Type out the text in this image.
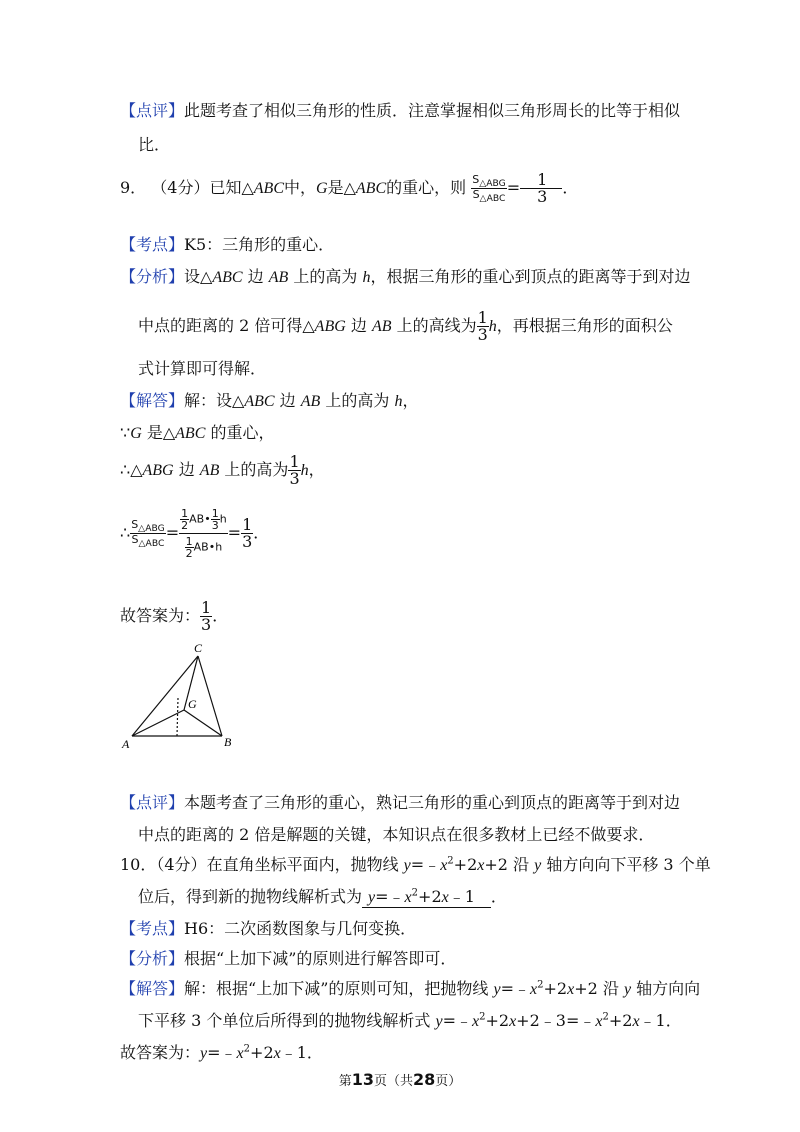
【点评】此题考查了相似三角形的性质．注意掌握相似三角形周长的比等于相似
比．
9． （4分）已知△ABC中，G是△ABC的重心，则 $\frac{S_{\triangle ABG}}{S_{\triangle ABC}} = \frac{1}{3}$ ．
【考点】K5：三角形的重心．
【分析】设△ABC 边 AB 上的高为 h，根据三角形的重心到顶点的距离等于到对边
中点的距离的 2 倍可得△ABG 边 AB 上的高线为 $\frac{1}{3}$ h，再根据三角形的面积公
式计算即可得解．
【解答】解：设△ABC 边 AB 上的高为 h，
∵G 是△ABC 的重心，
∴△ABG 边 AB 上的高为 $\frac{1}{3}$ h，
∴ $\frac{S_{\triangle ABG}}{S_{\triangle ABC}} = \frac{\frac{1}{2} AB• \frac{1}{3} h}{\frac{1}{2} AB•h} = \frac{1}{3}$ ．
故答案为： $\frac{1}{3}$ ．
A	B
C
G
【点评】本题考查了三角形的重心，熟记三角形的重心到顶点的距离等于到对边
中点的距离的 2 倍是解题的关键，本知识点在很多教材上已经不做要求．
10．（4分）在直角坐标平面内，抛物线 $y=﹣x^2+2x+2$ 沿 y 轴方向向下平移 3 个单
位后，得到新的抛物线解析式为 $y=﹣x^2+2x﹣1$ ．
【考点】H6：二次函数图象与几何变换．
【分析】根据“上加下减”的原则进行解答即可．
【解答】解：根据“上加下减”的原则可知，把抛物线 $y=﹣x^2+2x+2$ 沿 y 轴方向向
下平移 3 个单位后所得到的抛物线解析式 $y=﹣x^2+2x+2﹣3=﹣x^2+2x﹣1$．
故答案为：$y=﹣x^2+2x﹣1$．
第13页（共28页）
